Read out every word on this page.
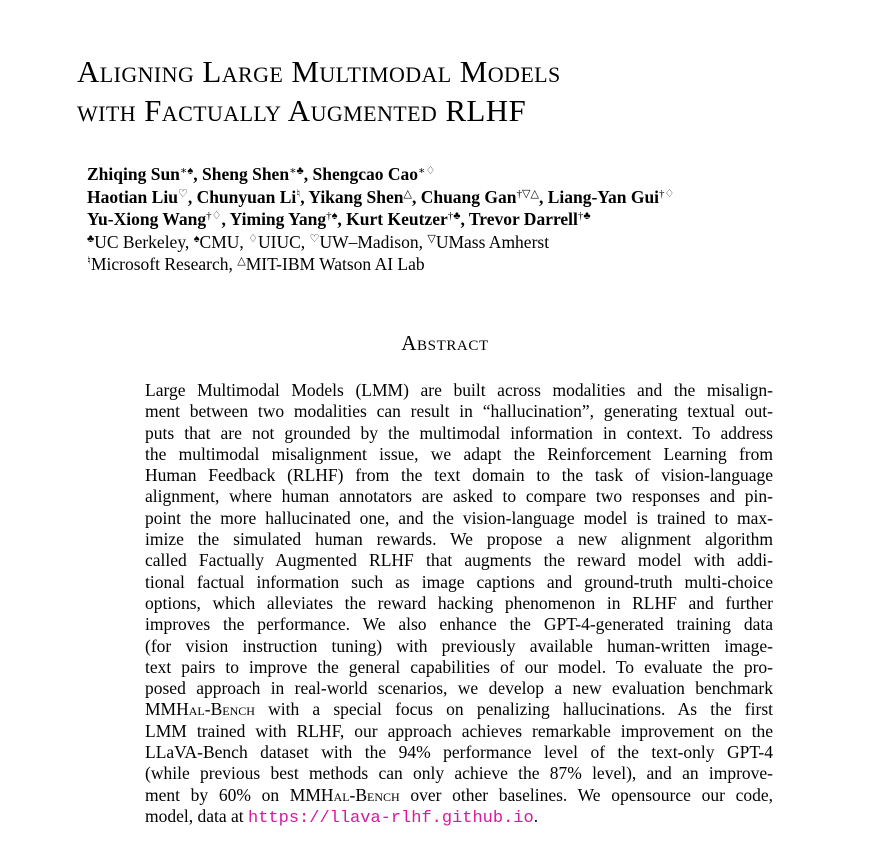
Aligning Large Multimodal Models
with Factually Augmented RLHF
Zhiqing Sun∗♠, Sheng Shen∗♣, Shengcao Cao∗♢
Haotian Liu♡, Chunyuan Li♮, Yikang Shen△, Chuang Gan†▽△, Liang-Yan Gui†♢
Yu-Xiong Wang†♢, Yiming Yang†♠, Kurt Keutzer†♣, Trevor Darrell†♣
♣UC Berkeley, ♠CMU, ♢UIUC, ♡UW–Madison, ▽UMass Amherst
♮Microsoft Research, △MIT-IBM Watson AI Lab
Abstract
Large Multimodal Models (LMM) are built across modalities and the misalign-
ment between two modalities can result in “hallucination”, generating textual out-
puts that are not grounded by the multimodal information in context. To address
the multimodal misalignment issue, we adapt the Reinforcement Learning from
Human Feedback (RLHF) from the text domain to the task of vision-language
alignment, where human annotators are asked to compare two responses and pin-
point the more hallucinated one, and the vision-language model is trained to max-
imize the simulated human rewards. We propose a new alignment algorithm
called Factually Augmented RLHF that augments the reward model with addi-
tional factual information such as image captions and ground-truth multi-choice
options, which alleviates the reward hacking phenomenon in RLHF and further
improves the performance. We also enhance the GPT-4-generated training data
(for vision instruction tuning) with previously available human-written image-
text pairs to improve the general capabilities of our model. To evaluate the pro-
posed approach in real-world scenarios, we develop a new evaluation benchmark
MMHal-Bench with a special focus on penalizing hallucinations. As the first
LMM trained with RLHF, our approach achieves remarkable improvement on the
LLaVA-Bench dataset with the 94% performance level of the text-only GPT-4
(while previous best methods can only achieve the 87% level), and an improve-
ment by 60% on MMHal-Bench over other baselines. We opensource our code,
model, data at https://llava-rlhf.github.io.
